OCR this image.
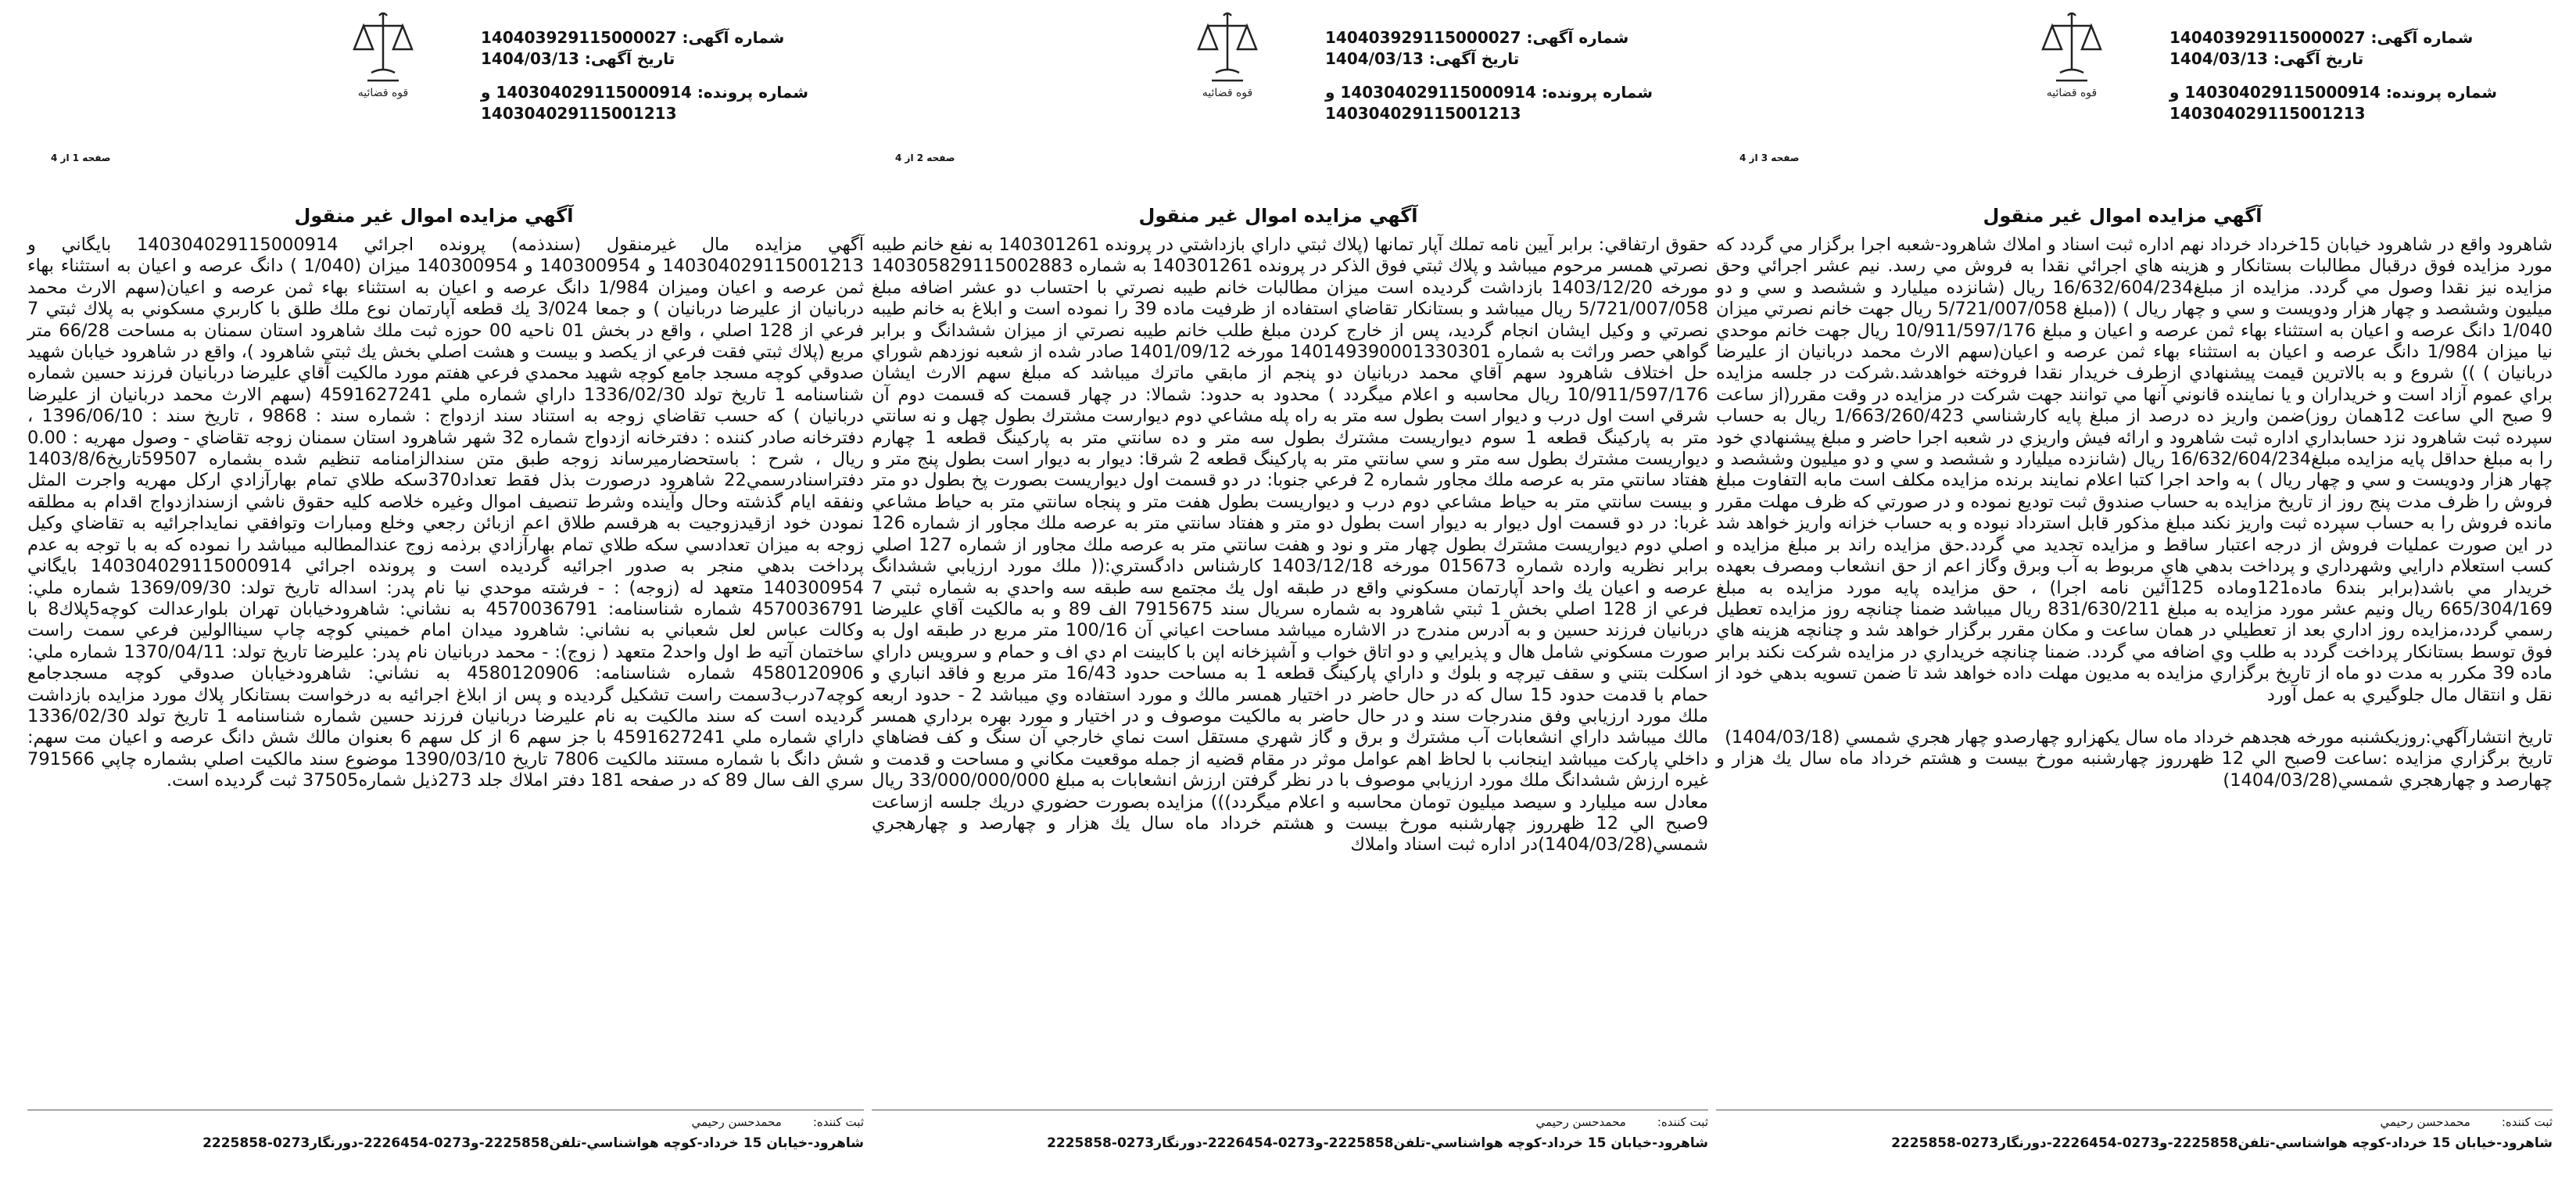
قوه قضائيه
شماره آگهی: 140403929115000027
تاریخ آگهی: 1404/03/13
شماره پرونده: 140304029115000914 و
140304029115001213
صفحه 3 از 4
آگهي مزايده اموال غير منقول

شاهرود واقع در شاهرود خيابان 15خرداد خرداد نهم اداره ثبت اسناد و املاك شاهرود-شعبه اجرا برگزار مي گردد كه مورد مزايده فوق درقبال مطالبات بستانكار و هزينه هاي اجرائي نقدا به فروش مي رسد. نيم عشر اجرائي وحق مزايده نيز نقدا وصول مي گردد. مزايده از مبلغ16/632/604/234 ريال (شانزده ميليارد و ششصد و سي و دو ميليون وششصد و چهار هزار ودويست و سي و چهار ريال ) ((مبلغ 5/721/007/058 ريال جهت خانم نصرتي ميزان 1/040 دانگ عرصه و اعيان به استثناء بهاء ثمن عرصه و اعيان و مبلغ 10/911/597/176 ريال جهت خانم موحدي نيا ميزان 1/984 دانگ عرصه و اعيان به استثناء بهاء ثمن عرصه و اعيان(سهم الارث محمد دربانيان از عليرضا دربانيان ) )) شروع و به بالاترين قيمت پيشنهادي ازطرف خريدار نقدا فروخته خواهدشد.شركت در جلسه مزايده براي عموم آزاد است و خريداران و يا نماينده قانوني آنها مي توانند جهت شركت در مزايده در وقت مقرر(از ساعت 9 صبح الي ساعت 12همان روز)ضمن واريز ده درصد از مبلغ پايه كارشناسي 1/663/260/423 ريال به حساب سپرده ثبت شاهرود نزد حسابداري اداره ثبت شاهرود و ارائه فيش واريزي در شعبه اجرا حاضر و مبلغ پيشنهادي خود را به مبلغ حداقل پايه مزايده مبلغ16/632/604/234 ريال (شانزده ميليارد و ششصد و سي و دو ميليون وششصد و چهار هزار ودويست و سي و چهار ريال ) به واحد اجرا كتبا اعلام نمايند برنده مزايده مكلف است مابه التفاوت مبلغ فروش را ظرف مدت پنج روز از تاريخ مزايده به حساب صندوق ثبت توديع نموده و در صورتي كه ظرف مهلت مقرر مانده فروش را به حساب سپرده ثبت واريز نكند مبلغ مذكور قابل استرداد نبوده و به حساب خزانه واريز خواهد شد در اين صورت عمليات فروش از درجه اعتبار ساقط و مزايده تجديد مي گردد.حق مزايده راند بر مبلغ مزايده و كسب استعلام دارايي وشهرداري و پرداخت بدهي هاي مربوط به آب وبرق وگاز اعم از حق انشعاب ومصرف بعهده خريدار مي باشد(برابر بند6 ماده121وماده 125آئين نامه اجرا) ، حق مزايده پايه مورد مزايده به مبلغ 665/304/169 ريال ونيم عشر مورد مزايده به مبلغ 831/630/211 ريال ميباشد ضمنا چنانچه روز مزايده تعطيل رسمي گردد،مزايده روز اداري بعد از تعطيلي در همان ساعت و مكان مقرر برگزار خواهد شد و چنانچه هزينه هاي فوق توسط بستانكار پرداخت گردد به طلب وي اضافه مي گردد. ضمنا چنانچه خريداري در مزايده شركت نكند برابر ماده 39 مكرر به مدت دو ماه از تاريخ برگزاري مزايده به مديون مهلت داده خواهد شد تا ضمن تسويه بدهي خود از نقل و انتقال مال جلوگيري به عمل آورد

تاريخ انتشارآگهي:روزيكشنبه مورخه هجدهم خرداد ماه سال يكهزارو چهارصدو چهار هجري شمسي (1404/03/18)

تاريخ برگزاري مزايده :ساعت 9صبح الي 12 ظهرروز چهارشنبه مورخ بيست و هشتم خرداد ماه سال يك هزار و چهارصد و چهارهجري شمسي(1404/03/28)

ثبت كننده:محمدحسن رحيمي
شاهرود-خيابان 15 خرداد-كوچه هواشناسي-تلفن2225858-و0273-2226454-دورنگار0273-2225858
قوه قضائيه
شماره آگهی: 140403929115000027
تاریخ آگهی: 1404/03/13
شماره پرونده: 140304029115000914 و
140304029115001213
صفحه 2 از 4
آگهي مزايده اموال غير منقول

حقوق ارتفاقي: برابر آيين نامه تملك آپار تمانها (پلاك ثبتي داراي بازداشتي در پرونده 140301261 به نفع خانم طيبه نصرتي همسر مرحوم ميباشد و پلاك ثبتي فوق الذكر در پرونده 140301261 به شماره 140305829115002883 مورخه 1403/12/20 بازداشت گرديده است ميزان مطالبات خانم طيبه نصرتي با احتساب دو عشر اضافه مبلغ 5/721/007/058 ريال ميباشد و بستانكار تقاضاي استفاده از ظرفيت ماده 39 را نموده است و ابلاغ به خانم طيبه نصرتي و وكيل ايشان انجام گرديد، پس از خارج كردن مبلغ طلب خانم طيبه نصرتي از ميزان ششدانگ و برابر گواهي حصر وراثت به شماره 140149390001330301 مورخه 1401/09/12 صادر شده از شعبه نوزدهم شوراي حل اختلاف شاهرود سهم آقاي محمد دربانيان دو پنجم از مابقي ماترك ميباشد كه مبلغ سهم الارث ايشان 10/911/597/176 ريال محاسبه و اعلام ميگردد ) محدود به حدود: شمالا: در چهار قسمت كه قسمت دوم آن شرقي است اول درب و ديوار است بطول سه متر به راه پله مشاعي دوم ديوارست مشترك بطول چهل و نه سانتي متر به پاركينگ قطعه 1 سوم ديواريست مشترك بطول سه متر و ده سانتي متر به پاركينگ قطعه 1 چهارم ديواريست مشترك بطول سه متر و سي سانتي متر به پاركينگ قطعه 2 شرقا: ديوار به ديوار است بطول پنج متر و هفتاد سانتي متر به عرصه ملك مجاور شماره 2 فرعي جنوبا: در دو قسمت اول ديواريست بصورت پخ بطول دو متر و بيست سانتي متر به حياط مشاعي دوم درب و ديواريست بطول هفت متر و پنجاه سانتي متر به حياط مشاعي غربا: در دو قسمت اول ديوار به ديوار است بطول دو متر و هفتاد سانتي متر به عرصه ملك مجاور از شماره 126 اصلي دوم ديواريست مشترك بطول چهار متر و نود و هفت سانتي متر به عرصه ملك مجاور از شماره 127 اصلي برابر نظريه وارده شماره 015673 مورخه 1403/12/18 كارشناس دادگستري:(( ملك مورد ارزيابي ششدانگ عرصه و اعيان يك واحد آپارتمان مسكوني واقع در طبقه اول يك مجتمع سه طبقه سه واحدي به شماره ثبتي 7 فرعي از 128 اصلي بخش 1 ثبتي شاهرود به شماره سريال سند 7915675 الف 89 و به مالكيت آقاي عليرضا دربانيان فرزند حسين و به آدرس مندرج در الاشاره ميباشد مساحت اعياني آن 100/16 متر مربع در طبقه اول به صورت مسكوني شامل هال و پذيرايي و دو اتاق خواب و آشپزخانه اپن با كابينت ام دي اف و حمام و سرويس داراي اسكلت بتني و سقف تيرچه و بلوك و داراي پاركينگ قطعه 1 به مساحت حدود 16/43 متر مربع و فاقد انباري و حمام با قدمت حدود 15 سال كه در حال حاضر در اختيار همسر مالك و مورد استفاده وي ميباشد 2 - حدود اربعه ملك مورد ارزيابي وفق مندرجات سند و در حال حاضر به مالكيت موصوف و در اختيار و مورد بهره برداري همسر مالك ميباشد داراي انشعابات آب مشترك و برق و گاز شهري مستقل است نماي خارجي آن سنگ و كف فضاهاي داخلي پاركت ميباشد اينجانب با لحاظ اهم عوامل موثر در مقام قضيه از جمله موقعيت مكاني و مساحت و قدمت و غيره ارزش ششدانگ ملك مورد ارزيابي موصوف با در نظر گرفتن ارزش انشعابات به مبلغ 33/000/000/000 ريال معادل سه ميليارد و سيصد ميليون تومان محاسبه و اعلام ميگردد))) مزايده بصورت حضوري دريك جلسه ازساعت 9صبح الي 12 ظهرروز چهارشنبه مورخ بيست و هشتم خرداد ماه سال يك هزار و چهارصد و چهارهجري شمسي(1404/03/28)در اداره ثبت اسناد واملاك

ثبت كننده:محمدحسن رحيمي
شاهرود-خيابان 15 خرداد-كوچه هواشناسي-تلفن2225858-و0273-2226454-دورنگار0273-2225858
قوه قضائيه
شماره آگهی: 140403929115000027
تاریخ آگهی: 1404/03/13
شماره پرونده: 140304029115000914 و
140304029115001213
صفحه 1 از 4
آگهي مزايده اموال غير منقول

آگهي مزايده مال غيرمنقول (سندذمه) پرونده اجرائي 140304029115000914 بايگاني و 140304029115001213 و 140300954 و 140300954 ميزان (1/040 ) دانگ عرصه و اعيان به استثناء بهاء ثمن عرصه و اعيان وميزان 1/984 دانگ عرصه و اعيان به استثناء بهاء ثمن عرصه و اعيان(سهم الارث محمد دربانيان از عليرضا دربانيان ) و جمعا 3/024 يك قطعه آپارتمان نوع ملك طلق با كاربري مسكوني به پلاك ثبتي 7 فرعي از 128 اصلي ، واقع در بخش 01 ناحيه 00 حوزه ثبت ملك شاهرود استان سمنان به مساحت 66/28 متر مربع (پلاك ثبتي فقت فرعي از يكصد و بيست و هشت اصلي بخش يك ثبتي شاهرود )، واقع در شاهرود خيابان شهيد صدوقي كوچه مسجد جامع كوچه شهيد محمدي فرعي هفتم مورد مالكيت آقاي عليرضا دربانيان فرزند حسين شماره شناسنامه 1 تاريخ تولد 1336/02/30 داراي شماره ملي 4591627241 (سهم الارث محمد دربانيان از عليرضا دربانيان ) كه حسب تقاضاي زوجه به استناد سند ازدواج : شماره سند : 9868 ، تاريخ سند : 1396/06/10 ، دفترخانه صادر كننده : دفترخانه ازدواج شماره 32 شهر شاهرود استان سمنان زوجه تقاضاي - وصول مهريه : 0.00 ريال ، شرح : باستحضارميرساند زوجه طبق متن سندالزامنامه تنظيم شده بشماره 59507تاريخ1403/8/6 دفتراسنادرسمي22 شاهرود درصورت بذل فقط تعداد370سكه طلاي تمام بهارآزادي اركل مهريه واجرت المثل ونفقه ايام گذشته وحال وآينده وشرط تنصيف اموال وغيره خلاصه كليه حقوق ناشي ازسندازدواج اقدام به مطلقه نمودن خود ازقيدزوجيت به هرقسم طلاق اعم ازبائن رجعي وخلع ومبارات وتوافقي نمايداجرائيه به تقاضاي وكيل زوجه به ميزان تعدادسي سكه طلاي تمام بهارآزادي برذمه زوج عندالمطالبه ميباشد را نموده كه به با توجه به عدم پرداخت بدهي منجر به صدور اجرائيه گرديده است و پرونده اجرائي 140304029115000914 بايگاني 140300954 متعهد له (زوجه) : - فرشته موحدي نيا نام پدر: اسداله تاريخ تولد: 1369/09/30 شماره ملي: 4570036791 شماره شناسنامه: 4570036791 به نشاني: شاهرودخيابان تهران بلوارعدالت كوچه5پلاك8 با وكالت عباس لعل شعباني به نشاني: شاهرود ميدان امام خميني كوچه چاپ سيناالولين فرعي سمت راست ساختمان آتيه ط اول واحد2 متعهد ( زوج): - محمد دربانيان نام پدر: عليرضا تاريخ تولد: 1370/04/11 شماره ملي: 4580120906 شماره شناسنامه: 4580120906 به نشاني: شاهرودخيابان صدوقي كوچه مسجدجامع كوچه7درب3سمت راست تشكيل گرديده و پس از ابلاغ اجرائيه به درخواست بستانكار پلاك مورد مزايده بازداشت گرديده است كه سند مالكيت به نام عليرضا دربانيان فرزند حسين شماره شناسنامه 1 تاريخ تولد 1336/02/30 داراي شماره ملي 4591627241 با جز سهم 6 از كل سهم 6 بعنوان مالك شش دانگ عرصه و اعيان مت سهم: شش دانگ با شماره مستند مالكيت 7806 تاريخ 1390/03/10 موضوع سند مالكيت اصلي بشماره چاپي 791566 سري الف سال 89 كه در صفحه 181 دفتر املاك جلد 273ذيل شماره37505 ثبت گرديده است.

ثبت كننده:محمدحسن رحيمي
شاهرود-خيابان 15 خرداد-كوچه هواشناسي-تلفن2225858-و0273-2226454-دورنگار0273-2225858
